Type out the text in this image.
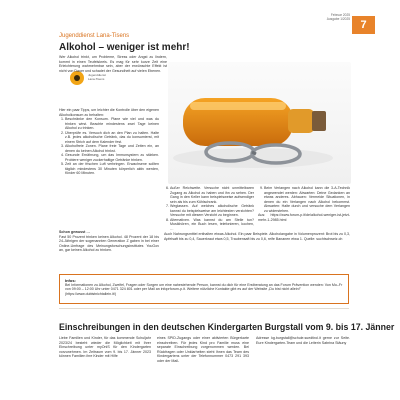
Februar 2025
Ausgabe 1/2025 7
Jugenddienst Lana-Tisens
Alkohol – weniger ist mehr!
Jugenddienst Lana-Tisens

Wer Alkohol trinkt, um Probleme, Stress oder Angst zu lindern, kommt in einen Teufelskreis. Es mag für sehr kurze Zeit eine Erleichterung wahrnehmbar sein, aber der erwünschte Effekt ist nicht von Dauer und schadet der Gesundheit auf vielen Ebenen.

Hier ein paar Tipps, um leichter die Kontrolle über den eigenen Alkoholkonsum zu behalten:

1. Beschränke den Konsum. Plane wie viel und was du trinken wirst. Beachte mindestens zwei Tage keinen Alkohol zu trinken.
2. Überprüfe es. Versuch dich an den Plan zu halten. Halte z.B. jedes alkoholische Getränk, das du konsumierst, mit einem Strich auf dem Kalender fest.
3. Alkoholfreie Zonen. Plane freie Tage und Zeiten ein, an denen du keinen Alkohol trinkst.
4. Gesunde Ernährung, um das Immunsystem zu stärken. Probiere weniger zuckerhaltige Getränke trinken.
5. Zeit an der frischen Luft verbringen. Erwachsene sollten täglich mindestens 30 Minuten körperlich aktiv werden, Kinder 60 Minuten.
6. Außer Reichweite. Versuche nicht unmittelbaren Zugang zu Alkohol zu haben und ihn zu sehen. Der Gang in den Keller kann beispielsweise aufwendiger sein als bis zum Kühlschrank.
7. Weglassen. Auf welches alkoholische Getränk kannst du beispielsweise am leichtesten verzichten? Versuche mit diesem Verzicht zu beginnen.
8. Alternativen. Was kannst du am Stelle tun? Musikhören, ein Buch lesen, telefonieren, kochen, …
9. Beim Verlangen nach Alkohol kann die 3-A-Technik angewendet werden: Abwarten: Deine Gedanken an etwas anderes. Abhauen: Vermeide Situationen, in denen du ein Verlangen nach Alkohol bekommst. Abwarten: Halte durch und versuche dem Verlangen zu widerstehen.

Aus: https://www.forum-p.it/de/alkohol-weniger-ist-jetzt-mehr-1-2985.html

Schon gewusst …

Fast 50 Prozent trinken keinen Alkohol. 48 Prozent der 18 bis 24-Jährigen der sogenannten Generation Z gaben in bei einer Online-Umfrage des Meinungsforschungsinstitutes YouGov an, gar keinen Alkohol zu trinken.

Auch Nahrungsmittel enthalten etwas Alkohol. Ein paar Beispiele. Alkoholangabe in Volumenprozent: Brot bis zu 0,3, Apfelsaft bis zu 0,4, Sauerkraut etwa 0,5, Traubensaft bis zu 0,6, reife Bananen etwa 1. Quelle: suchtschweiz.ch

Infos:
Bei Informationen zu Alkohol, Zweifel, Fragen oder Sorgen um eine nahestehende Person, kannst du dich für eine Erstberatung an das Forum Prävention wenden: Von Mo–Fr von 09:00 – 12:00 Uhr unter 0471 324 801 oder per Mail an infoprforum-p.it. Weitere nützliche Kontakte gibt es auf der Website „Du bist nicht allein!" (https://www.dubistnichtallein.it/)
Einschreibungen in den deutschen Kindergarten Burgstall vom 9. bis 17. Jänner

Liebe Familien und Kinder, für das kommende Schuljahr 2023/24 besteht wieder die Möglichkeit mit Ihrer Einschreibung unter myOnlS für den Kindergarten vorzunehmen. Im Zeitraum vom 9. bis 17. Jänner 2023 können Familien ihre Kinder mit Hilfe

eines SPID-Zugangs oder einer aktivierten Bürgerkarte einschreiben. Für jedes Kind pro Familie muss eine separate Einschreibung vorgenommen werden. Bei Rückfragen oder Unklarheiten steht Ihnen das Team des Kindergartens unter der Telefonnummer 0473 291 393 oder der Mail-

Adresse kg.burgstall@schule.suedtirol.it gerne zur Seite. Eure Kindergarten-Team und die Leiterin Sabrina Stäuny
